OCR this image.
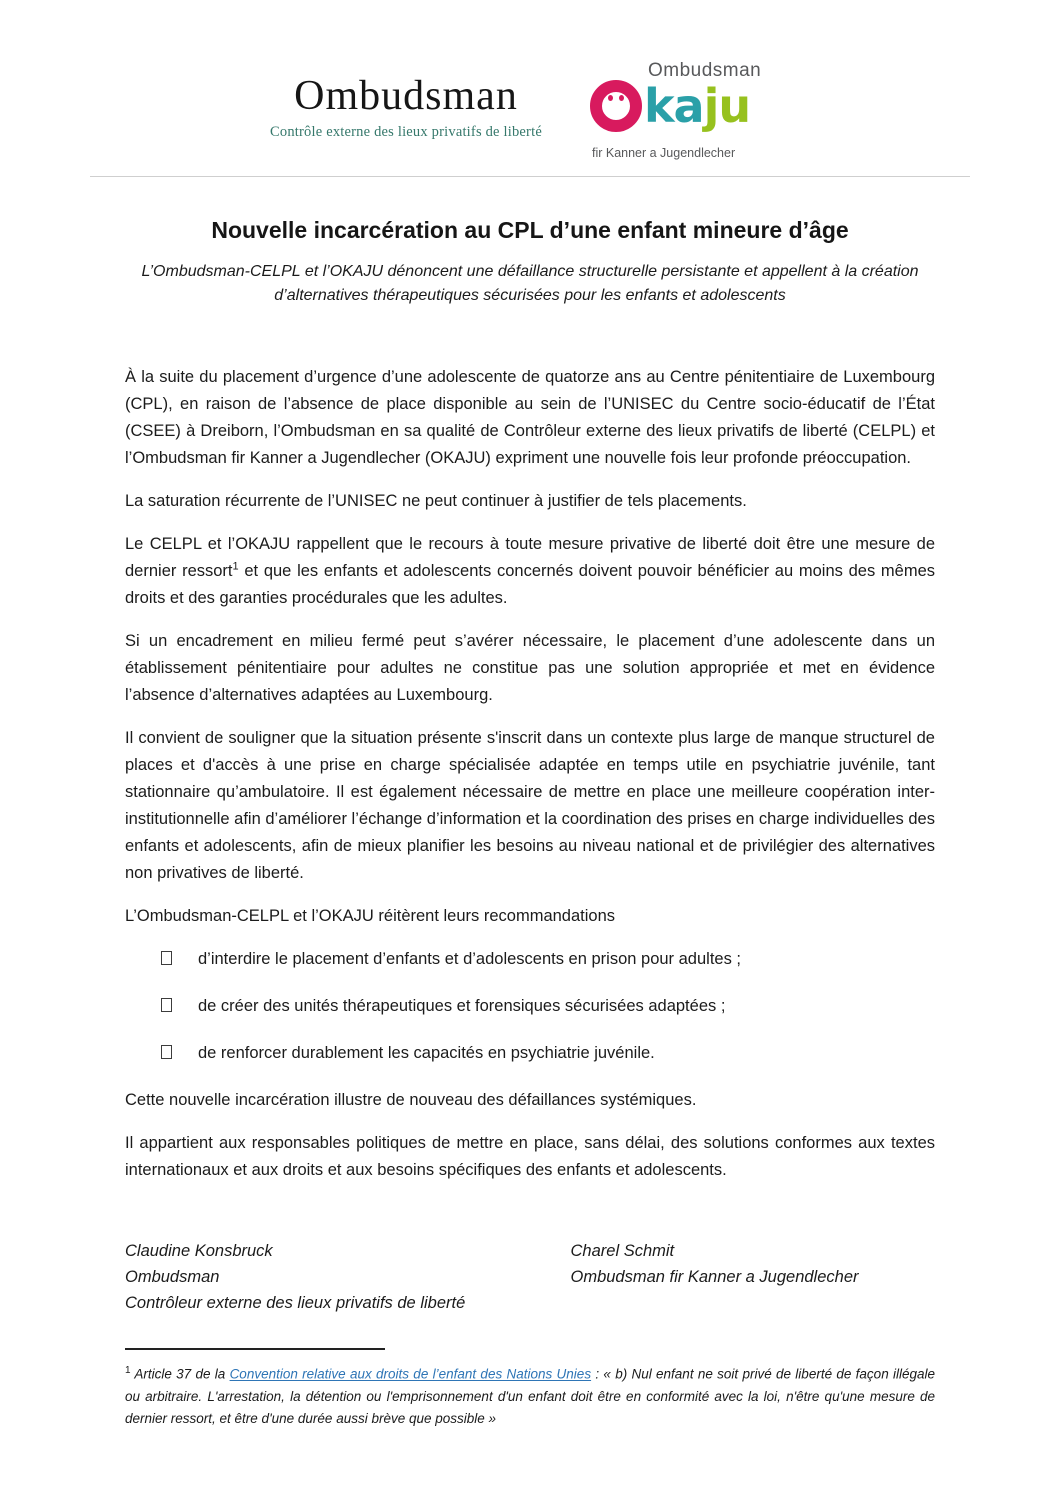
Ombudsman
Contrôle externe des lieux privatifs de liberté
Ombudsman
ka ju
fir Kanner a Jugendlecher
Nouvelle incarcération au CPL d’une enfant mineure d’âge

L’Ombudsman-CELPL et l’OKAJU dénoncent une défaillance structurelle persistante et appellent à la création d’alternatives thérapeutiques sécurisées pour les enfants et adolescents

À la suite du placement d’urgence d’une adolescente de quatorze ans au Centre pénitentiaire de Luxembourg (CPL), en raison de l’absence de place disponible au sein de l’UNISEC du Centre socio-éducatif de l’État (CSEE) à Dreiborn, l’Ombudsman en sa qualité de Contrôleur externe des lieux privatifs de liberté (CELPL) et l’Ombudsman fir Kanner a Jugendlecher (OKAJU) expriment une nouvelle fois leur profonde préoccupation.

La saturation récurrente de l’UNISEC ne peut continuer à justifier de tels placements.

Le CELPL et l’OKAJU rappellent que le recours à toute mesure privative de liberté doit être une mesure de dernier ressort$^1$ et que les enfants et adolescents concernés doivent pouvoir bénéficier au moins des mêmes droits et des garanties procédurales que les adultes.

Si un encadrement en milieu fermé peut s’avérer nécessaire, le placement d’une adolescente dans un établissement pénitentiaire pour adultes ne constitue pas une solution appropriée et met en évidence l’absence d’alternatives adaptées au Luxembourg.

Il convient de souligner que la situation présente s'inscrit dans un contexte plus large de manque structurel de places et d'accès à une prise en charge spécialisée adaptée en temps utile en psychiatrie juvénile, tant stationnaire qu’ambulatoire. Il est également nécessaire de mettre en place une meilleure coopération inter-institutionnelle afin d’améliorer l’échange d’information et la coordination des prises en charge individuelles des enfants et adolescents, afin de mieux planifier les besoins au niveau national et de privilégier des alternatives non privatives de liberté.

L’Ombudsman-CELPL et l’OKAJU réitèrent leurs recommandations

d’interdire le placement d’enfants et d’adolescents en prison pour adultes ;
de créer des unités thérapeutiques et forensiques sécurisées adaptées ;
de renforcer durablement les capacités en psychiatrie juvénile.

Cette nouvelle incarcération illustre de nouveau des défaillances systémiques.

Il appartient aux responsables politiques de mettre en place, sans délai, des solutions conformes aux textes internationaux et aux droits et aux besoins spécifiques des enfants et adolescents.

Claudine Konsbruck
Ombudsman
Contrôleur externe des lieux privatifs de liberté
Charel Schmit
Ombudsman fir Kanner a Jugendlecher

$^1$ Article 37 de la Convention relative aux droits de l’enfant des Nations Unies : « b) Nul enfant ne soit privé de liberté de façon illégale ou arbitraire. L'arrestation, la détention ou l'emprisonnement d'un enfant doit être en conformité avec la loi, n'être qu'une mesure de dernier ressort, et être d'une durée aussi brève que possible »
